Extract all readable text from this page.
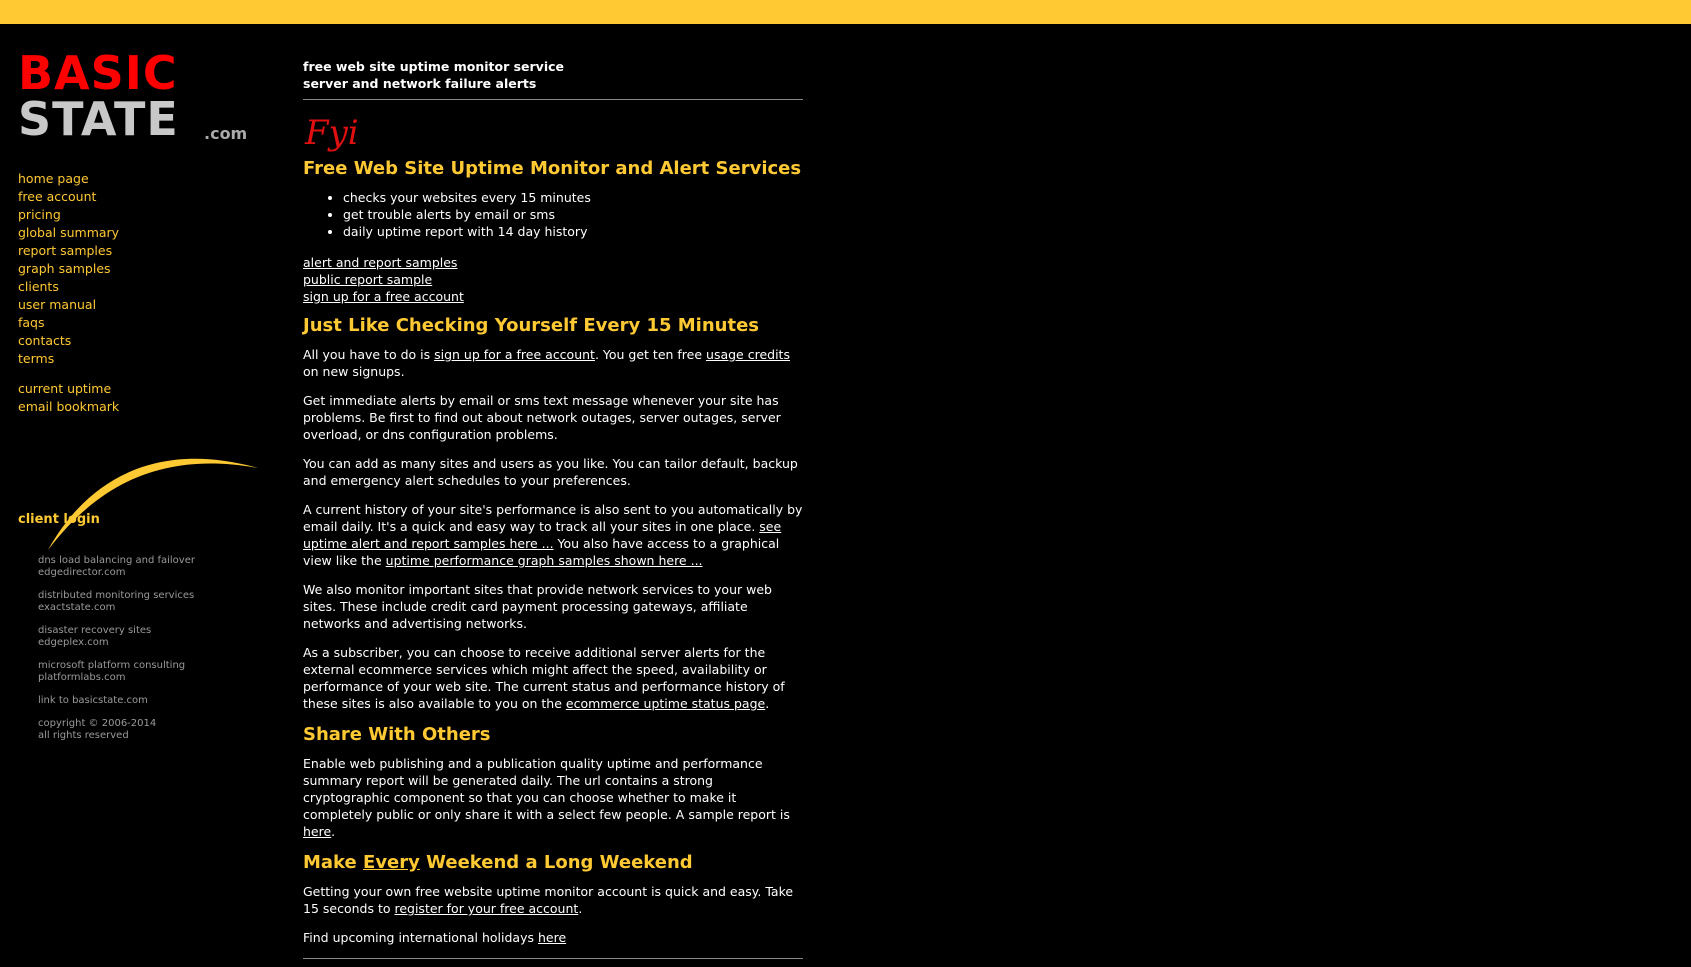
BASIC
STATE .com
home page
free account
pricing
global summary
report samples
graph samples
clients
user manual
faqs
contacts
terms
current uptime
email bookmark
client login
dns load balancing and failover
edgedirector.com
distributed monitoring services
exactstate.com
disaster recovery sites
edgeplex.com
microsoft platform consulting
platformlabs.com
link to basicstate.com
copyright © 2006-2014
all rights reserved
free web site uptime monitor service
server and network failure alerts
Fyi
Free Web Site Uptime Monitor and Alert Services
• checks your websites every 15 minutes
• get trouble alerts by email or sms
• daily uptime report with 14 day history
alert and report samples
public report sample
sign up for a free account
Just Like Checking Yourself Every 15 Minutes

All you have to do is sign up for a free account. You get ten free usage credits on new signups.

Get immediate alerts by email or sms text message whenever your site has problems. Be first to find out about network outages, server outages, server overload, or dns configuration problems.

You can add as many sites and users as you like. You can tailor default, backup and emergency alert schedules to your preferences.

A current history of your site's performance is also sent to you automatically by email daily. It's a quick and easy way to track all your sites in one place. see uptime alert and report samples here ... You also have access to a graphical view like the uptime performance graph samples shown here ...

We also monitor important sites that provide network services to your web sites. These include credit card payment processing gateways, affiliate networks and advertising networks.

As a subscriber, you can choose to receive additional server alerts for the external ecommerce services which might affect the speed, availability or performance of your web site. The current status and performance history of these sites is also available to you on the ecommerce uptime status page.

Share With Others

Enable web publishing and a publication quality uptime and performance summary report will be generated daily. The url contains a strong cryptographic component so that you can choose whether to make it completely public or only share it with a select few people. A sample report is here.

Make Every Weekend a Long Weekend

Getting your own free website uptime monitor account is quick and easy. Take 15 seconds to register for your free account.

Find upcoming international holidays here
